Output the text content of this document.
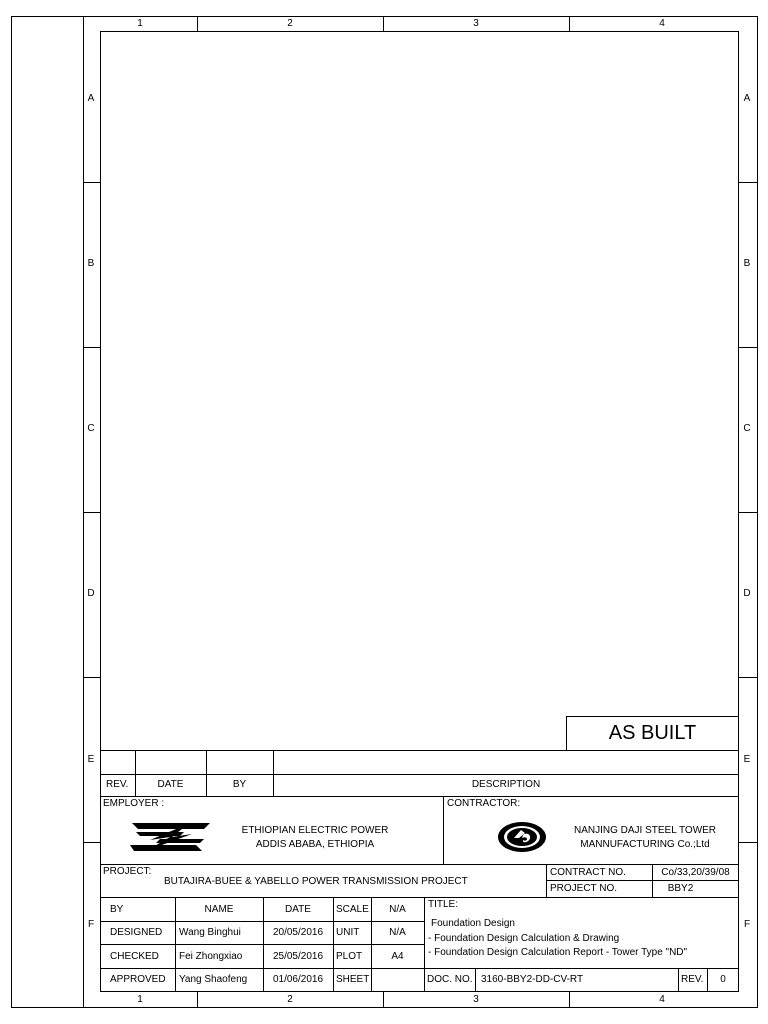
1	2	3	4
1	2	3	4
A
B
C
D
E
F
A
B
C
D
E
F
AS BUILT
REV.	DATE	BY	DESCRIPTION
EMPLOYER :
ETHIOPIAN ELECTRIC POWER
ADDIS ABABA, ETHIOPIA
CONTRACTOR:
NANJING DAJI STEEL TOWER
MANNUFACTURING Co.;Ltd
PROJECT:
BUTAJIRA-BUEE & YABELLO POWER TRANSMISSION PROJECT
CONTRACT NO.	Co/33,20/39/08
PROJECT NO.	BBY2
BY	NAME	DATE	SCALE	N/A
DESIGNED Wang Binghui	20/05/2016	UNIT	N/A
CHECKED Fei Zhongxiao	25/05/2016	PLOT	A4
APPROVED Yang Shaofeng	01/06/2016	SHEET
TITLE:
Foundation Design
- Foundation Design Calculation & Drawing
- Foundation Design Calculation Report - Tower Type "ND"
DOC. NO. 3160-BBY2-DD-CV-RT	REV.	0
